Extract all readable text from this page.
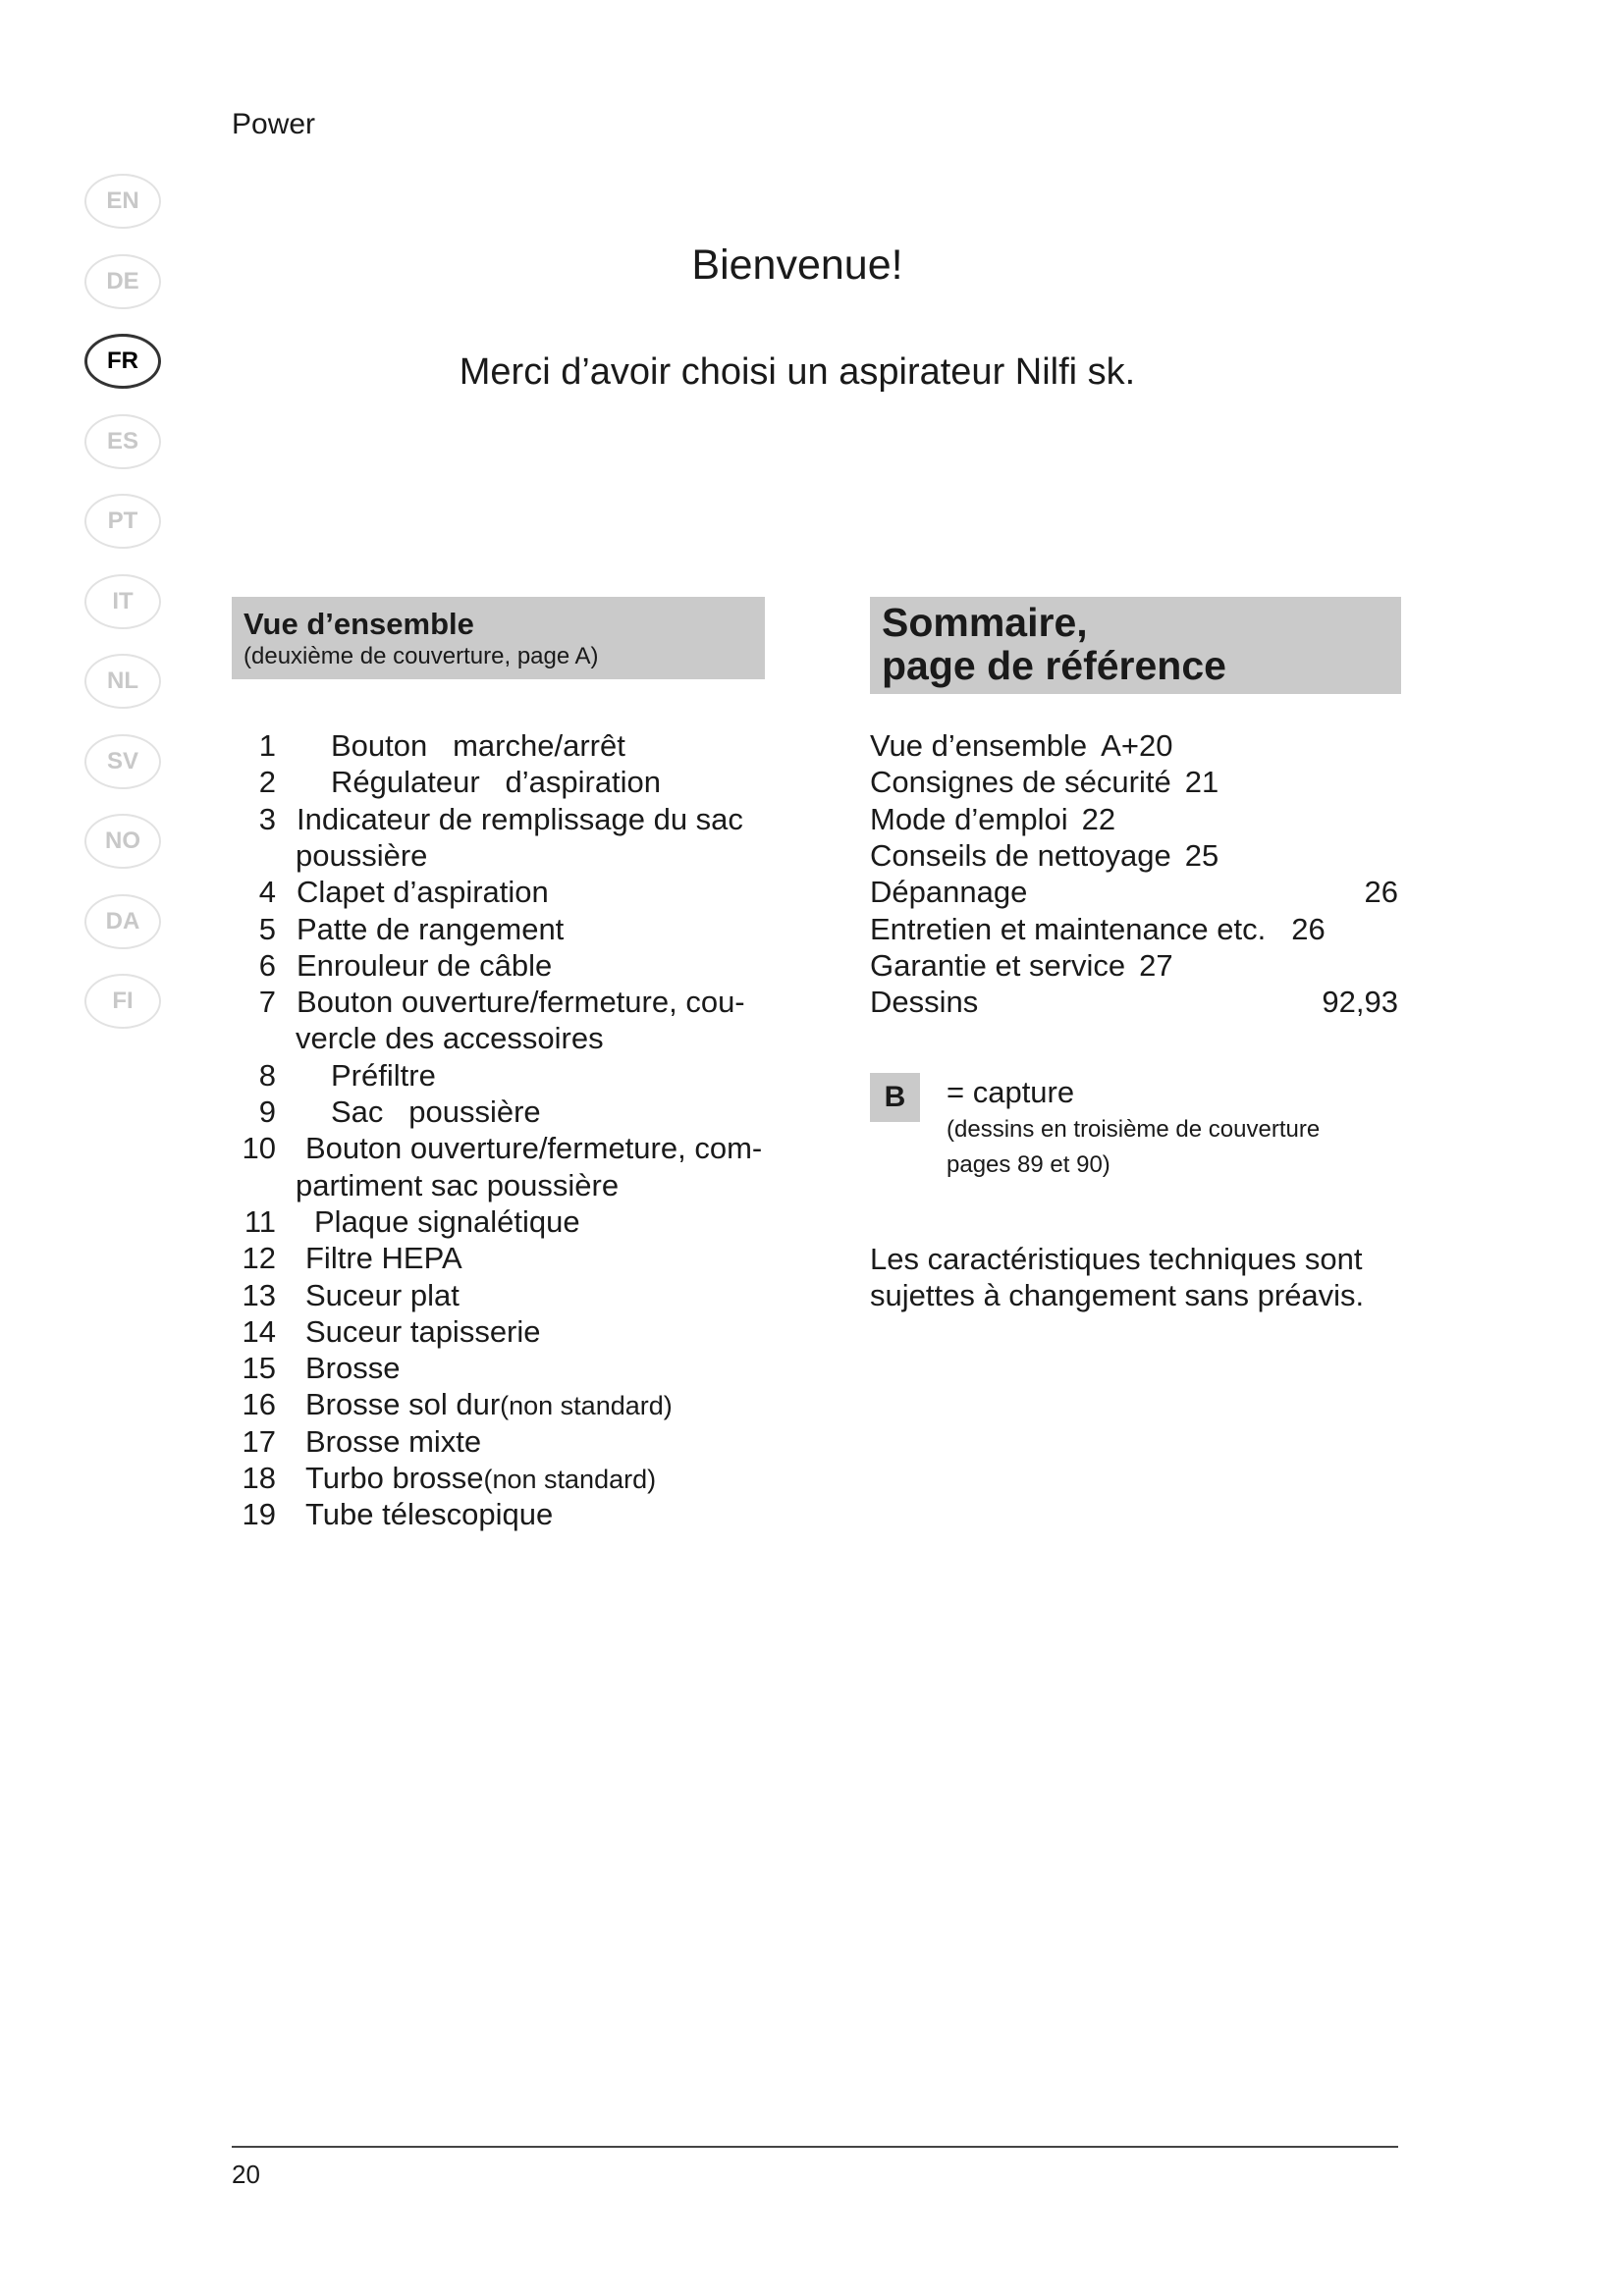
Power
EN
DE
FR
ES
PT
IT
NL
SV
NO
DA
FI
Bienvenue!
Merci d’avoir choisi un aspirateur Nilfi sk.
Vue d’ensemble
(deuxième de couverture, page A)
Sommaire,
page de référence
1 Bouton   marche/arrêt
2 Régulateur   d’aspiration
3 Indicateur de remplissage du sac
poussière
4 Clapet d’aspiration
5 Patte de rangement
6 Enrouleur de câble
7 Bouton ouverture/fermeture, cou-
vercle des accessoires
8 Préfiltre
9 Sac   poussière
10 Bouton ouverture/fermeture, com-
partiment sac poussière
11 Plaque signalétique
12 Filtre HEPA
13 Suceur plat
14 Suceur tapisserie
15 Brosse
16 Brosse sol dur(non standard)
17 Brosse mixte
18 Turbo brosse(non standard)
19 Tube télescopique
Vue d’ensemble A+20
Consignes de sécurité 21
Mode d’emploi 22
Conseils de nettoyage 25
Dépannage	26
Entretien et maintenance etc. 26
Garantie et service 27
Dessins	92,93
B	= capture
(dessins en troisième de couverture
pages 89 et 90)
Les caractéristiques techniques sont
sujettes à changement sans préavis.
20
